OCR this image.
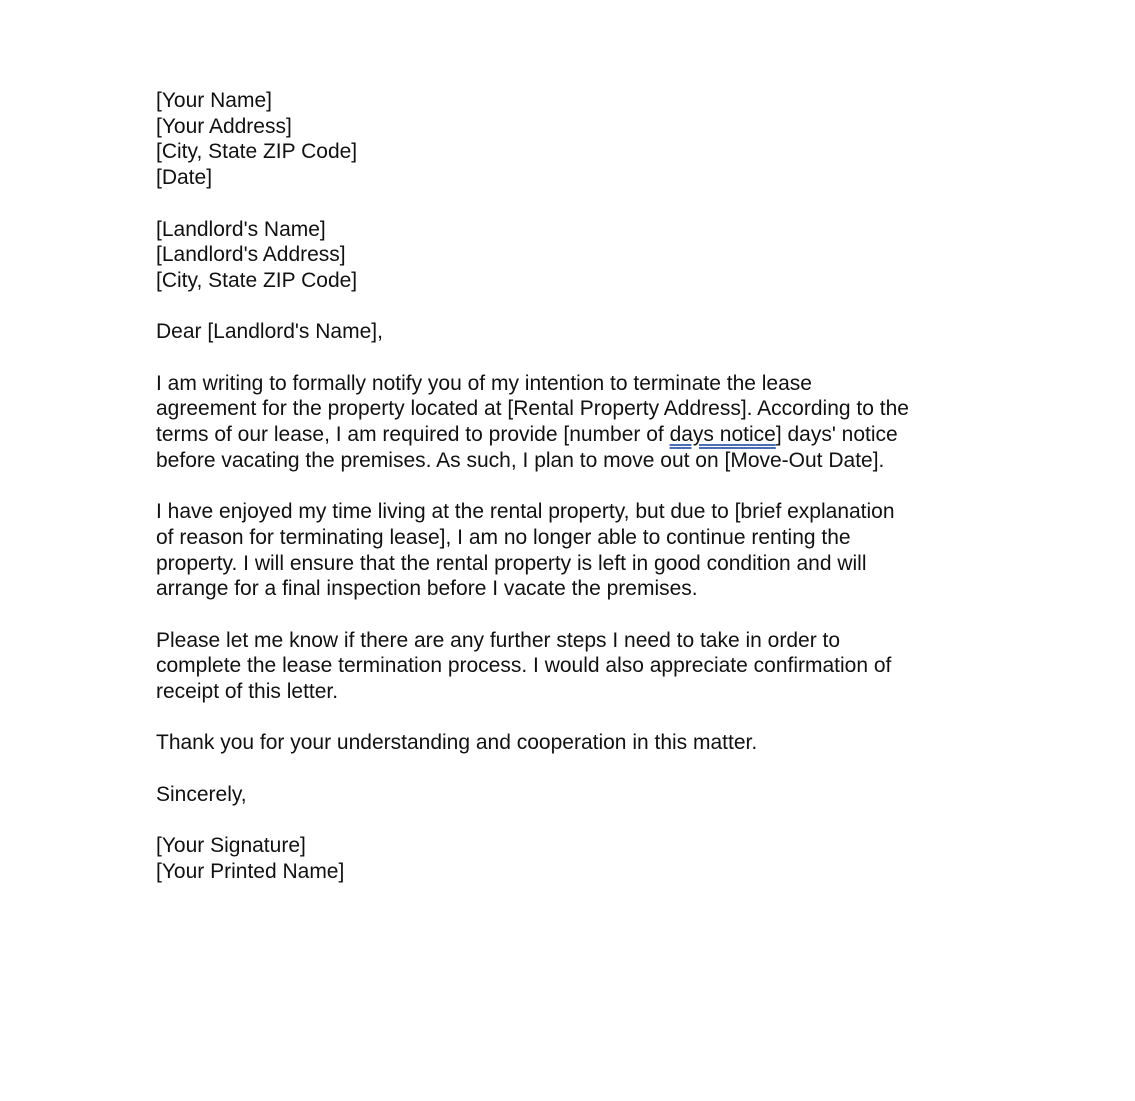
[Your Name]
[Your Address]
[City, State ZIP Code]
[Date]
[Landlord's Name]
[Landlord's Address]
[City, State ZIP Code]
Dear [Landlord's Name],
I am writing to formally notify you of my intention to terminate the lease
agreement for the property located at [Rental Property Address]. According to the
terms of our lease, I am required to provide [number of days notice] days' notice
before vacating the premises. As such, I plan to move out on [Move-Out Date].
I have enjoyed my time living at the rental property, but due to [brief explanation
of reason for terminating lease], I am no longer able to continue renting the
property. I will ensure that the rental property is left in good condition and will
arrange for a final inspection before I vacate the premises.
Please let me know if there are any further steps I need to take in order to
complete the lease termination process. I would also appreciate confirmation of
receipt of this letter.
Thank you for your understanding and cooperation in this matter.
Sincerely,
[Your Signature]
[Your Printed Name]
